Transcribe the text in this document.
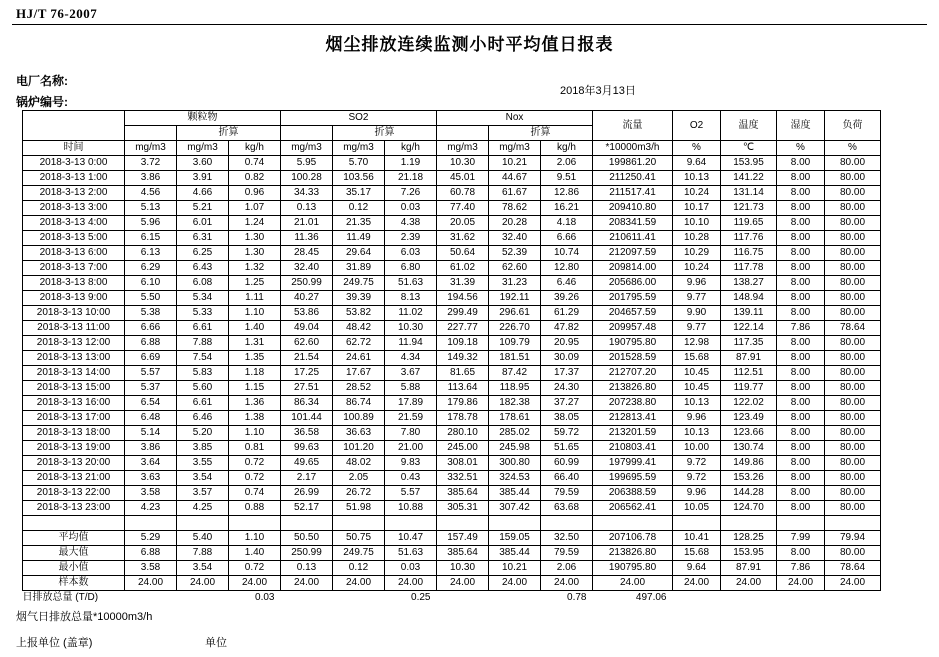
HJ/T 76-2007
烟尘排放连续监测小时平均值日报表
电厂名称:
锅炉编号:
2018年3月13日
	颗粒物			SO2			Nox			流量	O2	温度	湿度	负荷
		折算			折算			折算						
时间	mg/m3	mg/m3	kg/h	mg/m3	mg/m3	kg/h	mg/m3	mg/m3	kg/h	*10000m3/h	%	℃	%	%
2018-3-13 0:00	3.72	3.60	0.74	5.95	5.70	1.19	10.30	10.21	2.06	199861.20	9.64	153.95	8.00	80.00
2018-3-13 1:00	3.86	3.91	0.82	100.28	103.56	21.18	45.01	44.67	9.51	211250.41	10.13	141.22	8.00	80.00
2018-3-13 2:00	4.56	4.66	0.96	34.33	35.17	7.26	60.78	61.67	12.86	211517.41	10.24	131.14	8.00	80.00
2018-3-13 3:00	5.13	5.21	1.07	0.13	0.12	0.03	77.40	78.62	16.21	209410.80	10.17	121.73	8.00	80.00
2018-3-13 4:00	5.96	6.01	1.24	21.01	21.35	4.38	20.05	20.28	4.18	208341.59	10.10	119.65	8.00	80.00
2018-3-13 5:00	6.15	6.31	1.30	11.36	11.49	2.39	31.62	32.40	6.66	210611.41	10.28	117.76	8.00	80.00
2018-3-13 6:00	6.13	6.25	1.30	28.45	29.64	6.03	50.64	52.39	10.74	212097.59	10.29	116.75	8.00	80.00
2018-3-13 7:00	6.29	6.43	1.32	32.40	31.89	6.80	61.02	62.60	12.80	209814.00	10.24	117.78	8.00	80.00
2018-3-13 8:00	6.10	6.08	1.25	250.99	249.75	51.63	31.39	31.23	6.46	205686.00	9.96	138.27	8.00	80.00
2018-3-13 9:00	5.50	5.34	1.11	40.27	39.39	8.13	194.56	192.11	39.26	201795.59	9.77	148.94	8.00	80.00
2018-3-13 10:00	5.38	5.33	1.10	53.86	53.82	11.02	299.49	296.61	61.29	204657.59	9.90	139.11	8.00	80.00
2018-3-13 11:00	6.66	6.61	1.40	49.04	48.42	10.30	227.77	226.70	47.82	209957.48	9.77	122.14	7.86	78.64
2018-3-13 12:00	6.88	7.88	1.31	62.60	62.72	11.94	109.18	109.79	20.95	190795.80	12.98	117.35	8.00	80.00
2018-3-13 13:00	6.69	7.54	1.35	21.54	24.61	4.34	149.32	181.51	30.09	201528.59	15.68	87.91	8.00	80.00
2018-3-13 14:00	5.57	5.83	1.18	17.25	17.67	3.67	81.65	87.42	17.37	212707.20	10.45	112.51	8.00	80.00
2018-3-13 15:00	5.37	5.60	1.15	27.51	28.52	5.88	113.64	118.95	24.30	213826.80	10.45	119.77	8.00	80.00
2018-3-13 16:00	6.54	6.61	1.36	86.34	86.74	17.89	179.86	182.38	37.27	207238.80	10.13	122.02	8.00	80.00
2018-3-13 17:00	6.48	6.46	1.38	101.44	100.89	21.59	178.78	178.61	38.05	212813.41	9.96	123.49	8.00	80.00
2018-3-13 18:00	5.14	5.20	1.10	36.58	36.63	7.80	280.10	285.02	59.72	213201.59	10.13	123.66	8.00	80.00
2018-3-13 19:00	3.86	3.85	0.81	99.63	101.20	21.00	245.00	245.98	51.65	210803.41	10.00	130.74	8.00	80.00
2018-3-13 20:00	3.64	3.55	0.72	49.65	48.02	9.83	308.01	300.80	60.99	197999.41	9.72	149.86	8.00	80.00
2018-3-13 21:00	3.63	3.54	0.72	2.17	2.05	0.43	332.51	324.53	66.40	199695.59	9.72	153.26	8.00	80.00
2018-3-13 22:00	3.58	3.57	0.74	26.99	26.72	5.57	385.64	385.44	79.59	206388.59	9.96	144.28	8.00	80.00
2018-3-13 23:00	4.23	4.25	0.88	52.17	51.98	10.88	305.31	307.42	63.68	206562.41	10.05	124.70	8.00	80.00

平均值	5.29	5.40	1.10	50.50	50.75	10.47	157.49	159.05	32.50	207106.78	10.41	128.25	7.99	79.94
最大值	6.88	7.88	1.40	250.99	249.75	51.63	385.64	385.44	79.59	213826.80	15.68	153.95	8.00	80.00
最小值	3.58	3.54	0.72	0.13	0.12	0.03	10.30	10.21	2.06	190795.80	9.64	87.91	7.86	78.64
样本数	24.00	24.00	24.00	24.00	24.00	24.00	24.00	24.00	24.00	24.00	24.00	24.00	24.00	24.00
日排放总量 (T/D)			0.03			0.25			0.78	497.06				
烟气日排放总量*10000m3/h
上报单位 (盖章)	单位
